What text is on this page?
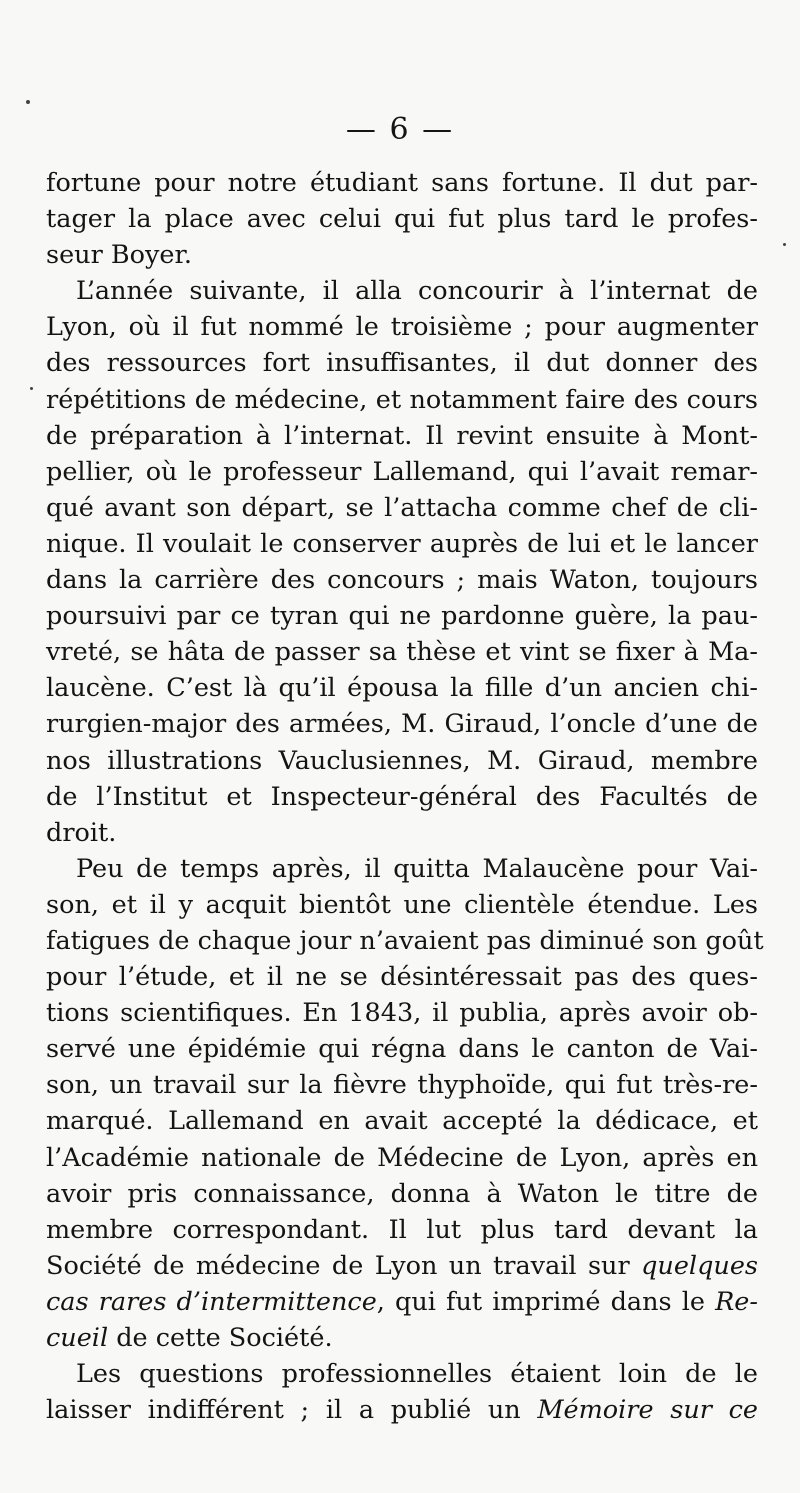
— 6 —
fortune pour notre étudiant sans fortune. Il dut par-
tager la place avec celui qui fut plus tard le profes-
seur Boyer.
L’année suivante, il alla concourir à l’internat de
Lyon, où il fut nommé le troisième ; pour augmenter
des ressources fort insuffisantes, il dut donner des
répétitions de médecine, et notamment faire des cours
de préparation à l’internat. Il revint ensuite à Mont-
pellier, où le professeur Lallemand, qui l’avait remar-
qué avant son départ, se l’attacha comme chef de cli-
nique. Il voulait le conserver auprès de lui et le lancer
dans la carrière des concours ; mais Waton, toujours
poursuivi par ce tyran qui ne pardonne guère, la pau-
vreté, se hâta de passer sa thèse et vint se fixer à Ma-
laucène. C’est là qu’il épousa la fille d’un ancien chi-
rurgien-major des armées, M. Giraud, l’oncle d’une de
nos illustrations Vauclusiennes, M. Giraud, membre
de l’Institut et Inspecteur-général des Facultés de
droit.
Peu de temps après, il quitta Malaucène pour Vai-
son, et il y acquit bientôt une clientèle étendue. Les
fatigues de chaque jour n’avaient pas diminué son goût
pour l’étude, et il ne se désintéressait pas des ques-
tions scientifiques. En 1843, il publia, après avoir ob-
servé une épidémie qui régna dans le canton de Vai-
son, un travail sur la fièvre thyphoïde, qui fut très-re-
marqué. Lallemand en avait accepté la dédicace, et
l’Académie nationale de Médecine de Lyon, après en
avoir pris connaissance, donna à Waton le titre de
membre correspondant. Il lut plus tard devant la
Société de médecine de Lyon un travail sur quelques
cas rares d’intermittence, qui fut imprimé dans le Re-
cueil de cette Société.
Les questions professionnelles étaient loin de le
laisser indifférent ; il a publié un Mémoire sur ce
